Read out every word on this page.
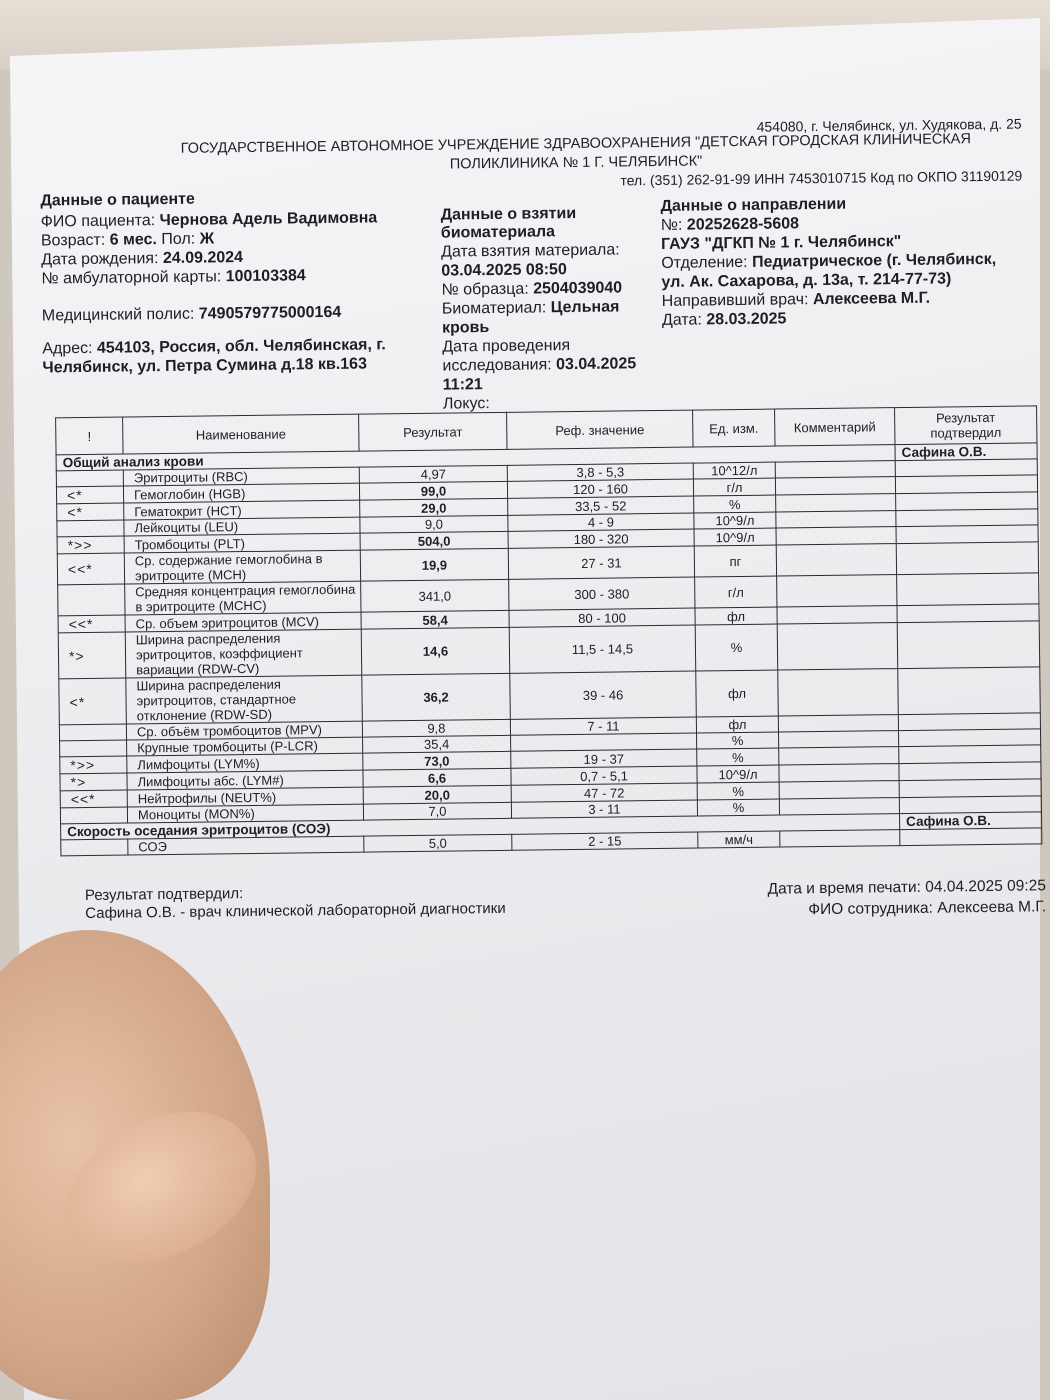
454080, г. Челябинск, ул. Худякова, д. 25
ГОСУДАРСТВЕННОЕ АВТОНОМНОЕ УЧРЕЖДЕНИЕ ЗДРАВООХРАНЕНИЯ "ДЕТСКАЯ ГОРОДСКАЯ КЛИНИЧЕСКАЯ ПОЛИКЛИНИКА № 1 Г. ЧЕЛЯБИНСК"
тел. (351) 262-91-99 ИНН 7453010715 Код по ОКПО 31190129
Данные о пациенте
ФИО пациента: Чернова Адель Вадимовна
Возраст: 6 мес. Пол: Ж
Дата рождения: 24.09.2024
№ амбулаторной карты: 100103384
Медицинский полис: 7490579775000164
Адрес: 454103, Россия, обл. Челябинская, г. Челябинск, ул. Петра Сумина д.18 кв.163
Данные о взятии биоматериала
Дата взятия материала:
03.04.2025 08:50
№ образца: 2504039040
Биоматериал: Цельная кровь
Дата проведения исследования: 03.04.2025 11:21
Локус:
Данные о направлении
№: 20252628-5608
ГАУЗ "ДГКП № 1 г. Челябинск"
Отделение: Педиатрическое (г. Челябинск, ул. Ак. Сахарова, д. 13а, т. 214-77-73)
Направивший врач: Алексеева М.Г.
Дата: 28.03.2025
!	Наименование	Результат	Реф. значение	Ед. изм.	Комментарий	Результат подтвердил
Общий анализ крови						Сафина О.В.
	Эритроциты (RBC)	4,97	3,8 - 5,3	10^12/л		
<*	Гемоглобин (HGB)	99,0	120 - 160	г/л		
<*	Гематокрит (HCT)	29,0	33,5 - 52	%		
	Лейкоциты (LEU)	9,0	4 - 9	10^9/л		
*>>	Тромбоциты (PLT)	504,0	180 - 320	10^9/л		
<<*	Ср. содержание гемоглобина в эритроците (MCH)	19,9	27 - 31	пг		
	Средняя концентрация гемоглобина в эритроците (MCHC)	341,0	300 - 380	г/л		
<<*	Ср. объем эритроцитов (MCV)	58,4	80 - 100	фл		
*>	Ширина распределения эритроцитов, коэффициент вариации (RDW-CV)	14,6	11,5 - 14,5	%		
<*	Ширина распределения эритроцитов, стандартное отклонение (RDW-SD)	36,2	39 - 46	фл		
	Ср. объём тромбоцитов (MPV)	9,8	7 - 11	фл		
	Крупные тромбоциты (P-LCR)	35,4		%		
*>>	Лимфоциты (LYM%)	73,0	19 - 37	%		
*>	Лимфоциты абс. (LYM#)	6,6	0,7 - 5,1	10^9/л		
<<*	Нейтрофилы (NEUT%)	20,0	47 - 72	%		
	Моноциты (MON%)	7,0	3 - 11	%		
Скорость оседания эритроцитов (СОЭ)						Сафина О.В.
	СОЭ	5,0	2 - 15	мм/ч		
Результат подтвердил:
Сафина О.В. - врач клинической лабораторной диагностики
Дата и время печати: 04.04.2025 09:25
ФИО сотрудника: Алексеева М.Г.
